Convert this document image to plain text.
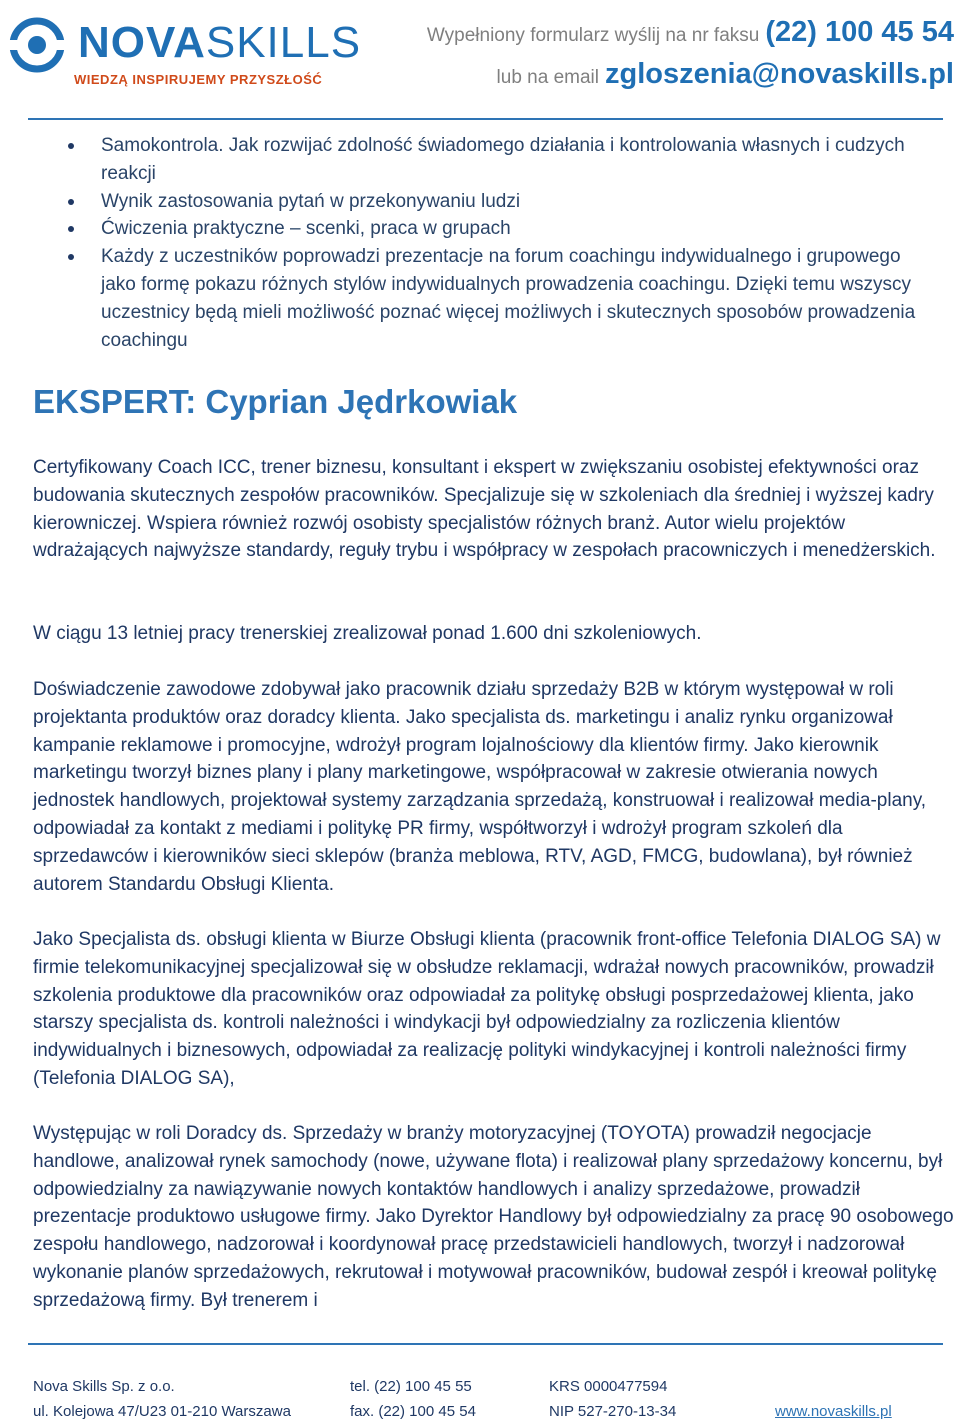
NOVASKILLS
WIEDZĄ INSPIRUJEMY PRZYSZŁOŚĆ
Wypełniony formularz wyślij na nr faksu (22) 100 45 54
lub na email zgloszenia@novaskills.pl
Samokontrola. Jak rozwijać zdolność świadomego działania i kontrolowania własnych i cudzych reakcji
Wynik zastosowania pytań w przekonywaniu ludzi
Ćwiczenia praktyczne – scenki, praca w grupach
Każdy z uczestników poprowadzi prezentacje na forum coachingu indywidualnego i grupowego jako formę pokazu różnych stylów indywidualnych prowadzenia coachingu. Dzięki temu wszyscy uczestnicy będą mieli możliwość poznać więcej możliwych i skutecznych sposobów prowadzenia coachingu
EKSPERT: Cyprian Jędrkowiak

Certyfikowany Coach ICC, trener biznesu, konsultant i ekspert w zwiększaniu osobistej efektywności oraz budowania skutecznych zespołów pracowników. Specjalizuje się w szkoleniach dla średniej i wyższej kadry kierowniczej. Wspiera również rozwój osobisty specjalistów różnych branż. Autor wielu projektów wdrażających najwyższe standardy, reguły trybu i współpracy w zespołach pracowniczych i menedżerskich.

W ciągu 13 letniej pracy trenerskiej zrealizował ponad 1.600 dni szkoleniowych.

Doświadczenie zawodowe zdobywał jako pracownik działu sprzedaży B2B w którym występował w roli projektanta produktów oraz doradcy klienta. Jako specjalista ds. marketingu i analiz rynku organizował kampanie reklamowe i promocyjne, wdrożył program lojalnościowy dla klientów firmy. Jako kierownik marketingu tworzył biznes plany i plany marketingowe, współpracował w zakresie otwierania nowych jednostek handlowych, projektował systemy zarządzania sprzedażą, konstruował i realizował media-plany, odpowiadał za kontakt z mediami i politykę PR firmy, współtworzył i wdrożył program szkoleń dla sprzedawców i kierowników sieci sklepów (branża meblowa, RTV, AGD, FMCG, budowlana), był również autorem Standardu Obsługi Klienta.

Jako Specjalista ds. obsługi klienta w Biurze Obsługi klienta (pracownik front-office Telefonia DIALOG SA) w firmie telekomunikacyjnej specjalizował się w obsłudze reklamacji, wdrażał nowych pracowników, prowadził szkolenia produktowe dla pracowników oraz odpowiadał za politykę obsługi posprzedażowej klienta, jako starszy specjalista ds. kontroli należności i windykacji był odpowiedzialny za rozliczenia klientów indywidualnych i biznesowych, odpowiadał za realizację polityki windykacyjnej i kontroli należności firmy (Telefonia DIALOG SA),

Występując w roli Doradcy ds. Sprzedaży w branży motoryzacyjnej (TOYOTA) prowadził negocjacje handlowe, analizował rynek samochody (nowe, używane flota) i realizował plany sprzedażowy koncernu, był odpowiedzialny za nawiązywanie nowych kontaktów handlowych i analizy sprzedażowe, prowadził prezentacje produktowo usługowe firmy. Jako Dyrektor Handlowy był odpowiedzialny za pracę 90 osobowego zespołu handlowego, nadzorował i koordynował pracę przedstawicieli handlowych, tworzył i nadzorował wykonanie planów sprzedażowych, rekrutował i motywował pracowników, budował zespół i kreował politykę sprzedażową firmy. Był trenerem i

Nova Skills Sp. z o.o.
ul. Kolejowa 47/U23 01-210 Warszawa
tel. (22) 100 45 55
fax. (22) 100 45 54
KRS 0000477594
NIP 527-270-13-34	www.novaskills.pl
